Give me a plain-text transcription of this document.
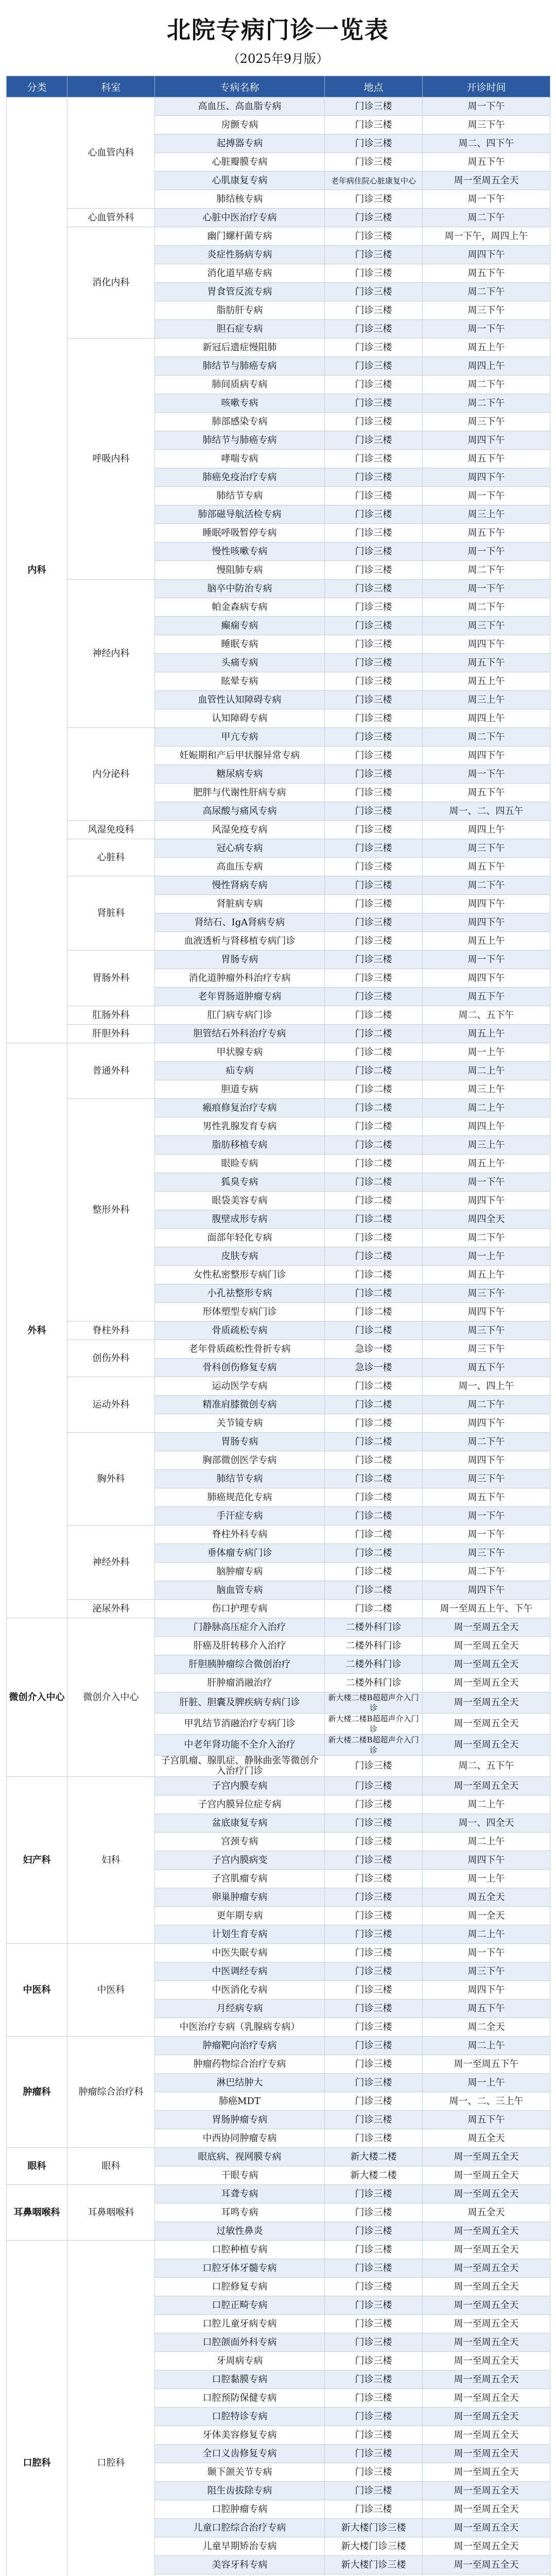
北院专病门诊一览表
（2025年9月版）
分类	科室	专病名称	地点	开诊时间
内科	心血管内科	高血压、高血脂专病	门诊三楼	周一下午
		房颤专病	门诊三楼	周三下午
		起搏器专病	门诊三楼	周二、四下午
		心脏瓣膜专病	门诊三楼	周五下午
		心肌康复专病	老年病住院心脏康复中心	周一至周五全天
		肺结核专病	门诊三楼	周一下午
	心血管外科	心脏中医治疗专病	门诊三楼	周二下午
	消化内科	幽门螺杆菌专病	门诊三楼	周一下午，周四上午
		炎症性肠病专病	门诊三楼	周四下午
		消化道早癌专病	门诊三楼	周五下午
		胃食管反流专病	门诊三楼	周二下午
		脂肪肝专病	门诊三楼	周三下午
		胆石症专病	门诊三楼	周一下午
	呼吸内科	新冠后遗症慢阻肺	门诊三楼	周五上午
		肺结节与肺癌专病	门诊三楼	周四上午
		肺间质病专病	门诊三楼	周二下午
		咳嗽专病	门诊三楼	周二下午
		肺部感染专病	门诊三楼	周三下午
		肺结节与肺癌专病	门诊三楼	周四下午
		哮喘专病	门诊三楼	周五下午
		肺癌免疫治疗专病	门诊三楼	周四下午
		肺结节专病	门诊三楼	周一下午
		肺部磁导航活检专病	门诊三楼	周三上午
		睡眠呼吸暂停专病	门诊三楼	周五下午
		慢性咳嗽专病	门诊三楼	周一下午
		慢阻肺专病	门诊三楼	周二下午
	神经内科	脑卒中防治专病	门诊三楼	周一下午
		帕金森病专病	门诊三楼	周二下午
		癫痫专病	门诊三楼	周三下午
		睡眠专病	门诊三楼	周四下午
		头痛专病	门诊三楼	周五下午
		眩晕专病	门诊三楼	周五上午
		血管性认知障碍专病	门诊三楼	周三上午
		认知障碍专病	门诊三楼	周四上午
	内分泌科	甲亢专病	门诊三楼	周二下午
		妊娠期和产后甲状腺异常专病	门诊三楼	周四下午
		糖尿病专病	门诊三楼	周一下午
		肥胖与代谢性肝病专病	门诊三楼	周五下午
		高尿酸与痛风专病	门诊三楼	周一、二、四五午
	风湿免疫科	风湿免疫专病	门诊三楼	周四上午
	心脏科	冠心病专病	门诊三楼	周三下午
		高血压专病	门诊三楼	周五下午
	肾脏科	慢性肾病专病	门诊三楼	周二下午
		肾脏病专病	门诊三楼	周四下午
		肾结石、IgA肾病专病	门诊三楼	周四下午
		血液透析与肾移植专病门诊	门诊三楼	周五上午
	胃肠外科	胃肠专病	门诊三楼	周一下午
		消化道肿瘤外科治疗专病	门诊三楼	周四下午
		老年胃肠道肿瘤专病	门诊三楼	周五下午
	肛肠外科	肛门病专病门诊	门诊二楼	周二、五下午
	肝胆外科	胆管结石外科治疗专病	门诊二楼	周五上午
外科	普通外科	甲状腺专病	门诊二楼	周一上午
		疝专病	门诊二楼	周二上午
		胆道专病	门诊二楼	周三上午
	整形外科	瘢痕修复治疗专病	门诊二楼	周二上午
		男性乳腺发育专病	门诊二楼	周四上午
		脂肪移植专病	门诊二楼	周三上午
		眼睑专病	门诊二楼	周五上午
		狐臭专病	门诊二楼	周一下午
		眼袋美容专病	门诊二楼	周四下午
		腹壁成形专病	门诊二楼	周四全天
		面部年轻化专病	门诊二楼	周二下午
		皮肤专病	门诊二楼	周一上午
		女性私密整形专病门诊	门诊二楼	周五上午
		小孔祛整形专病	门诊二楼	周三下午
		形体塑型专病门诊	门诊二楼	周四下午
	脊柱外科	骨质疏松专病	门诊二楼	周三下午
	创伤外科	老年骨质疏松性骨折专病	急诊一楼	周三下午
		骨科创伤修复专病	急诊一楼	周五下午
	运动外科	运动医学专病	门诊二楼	周一、四上午
		精准肩膝微创专病	门诊二楼	周二下午
		关节镜专病	门诊二楼	周四下午
	胸外科	胃肠专病	门诊二楼	周二下午
		胸部微创医学专病	门诊二楼	周四下午
		肺结节专病	门诊二楼	周三下午
		肺癌规范化专病	门诊二楼	周五下午
		手汗症专病	门诊二楼	周一下午
	神经外科	脊柱外科专病	门诊二楼	周一下午
		垂体瘤专病门诊	门诊二楼	周三下午
		脑肿瘤专病	门诊二楼	周二下午
		脑血管专病	门诊二楼	周四下午
	泌尿外科	伤口护理专病	门诊二楼	周一至周五上午、下午
微创介入中心	微创介入中心	门静脉高压症介入治疗	二楼外科门诊	周一至周五全天
		肝癌及肝转移介入治疗	二楼外科门诊	周一至周五全天
		肝胆胰肿瘤综合微创治疗	二楼外科门诊	周一至周五全天
		肝肿瘤消融治疗	二楼外科门诊	周一至周五全天
		肝脏、胆囊及脾疾病专病门诊	新大楼二楼B超超声介入门诊	周一至周五全天
		甲乳结节消融治疗专病门诊	新大楼二楼B超超声介入门诊	周一至周五全天
		中老年肾功能不全介入治疗	新大楼二楼B超超声介入门诊	周一至周五全天
		子宫肌瘤、腺肌症、静脉曲张等微创介入治疗门诊	门诊三楼	周二、五下午
妇产科	妇科	子宫内膜专病	门诊三楼	周一至周五全天
		子宫内膜异位症专病	门诊三楼	周二上午
		盆底康复专病	门诊三楼	周一、四全天
		宫颈专病	门诊三楼	周二上午
		子宫内膜病变	门诊三楼	周四下午
		子宫肌瘤专病	门诊三楼	周一上午
		卵巢肿瘤专病	门诊三楼	周五全天
		更年期专病	门诊三楼	周一全天
		计划生育专病	门诊三楼	周二上午
中医科	中医科	中医失眠专病	门诊三楼	周一下午
		中医调经专病	门诊三楼	周三下午
		中医消化专病	门诊三楼	周四下午
		月经病专病	门诊三楼	周五下午
		中医治疗专病（乳腺病专病）	门诊三楼	周二全天
肿瘤科	肿瘤综合治疗科	肿瘤靶向治疗专病	门诊三楼	周二上午
		肿瘤药物综合治疗专病	门诊三楼	周一至周五下午
		淋巴结肿大	门诊三楼	周一上午
		肺癌MDT	门诊三楼	周一、二、三上午
		胃肠肿瘤专病	门诊三楼	周五下午
		中西协同肿瘤专病	门诊三楼	周五全天
眼科	眼科	眼底病、视网膜专病	新大楼二楼	周一至周五全天
		干眼专病	新大楼二楼	周一至周五全天
耳鼻咽喉科	耳鼻咽喉科	耳聋专病	门诊三楼	周一至周五全天
		耳鸣专病	门诊三楼	周五全天
		过敏性鼻炎	门诊三楼	周一至周五全天
口腔科	口腔科	口腔种植专病	门诊三楼	周一至周五全天
		口腔牙体牙髓专病	门诊三楼	周一至周五全天
		口腔修复专病	门诊三楼	周一至周五全天
		口腔正畸专病	门诊三楼	周一至周五全天
		口腔儿童牙病专病	门诊三楼	周一至周五全天
		口腔颌面外科专病	门诊三楼	周一至周五全天
		牙周病专病	门诊三楼	周一至周五全天
		口腔黏膜专病	门诊三楼	周一至周五全天
		口腔预防保健专病	门诊三楼	周一至周五全天
		口腔特诊专病	门诊三楼	周一至周五全天
		牙体美容修复专病	门诊三楼	周一至周五全天
		全口义齿修复专病	门诊三楼	周一至周五全天
		颞下颌关节专病	门诊三楼	周一至周五全天
		阻生齿拔除专病	门诊三楼	周一至周五全天
		口腔肿瘤专病	门诊三楼	周一至周五全天
		儿童口腔综合治疗专病	新大楼门诊三楼	周一至周五全天
		儿童早期矫治专病	新大楼门诊三楼	周一至周五全天
		美容牙科专病	新大楼门诊三楼	周一至周五全天
